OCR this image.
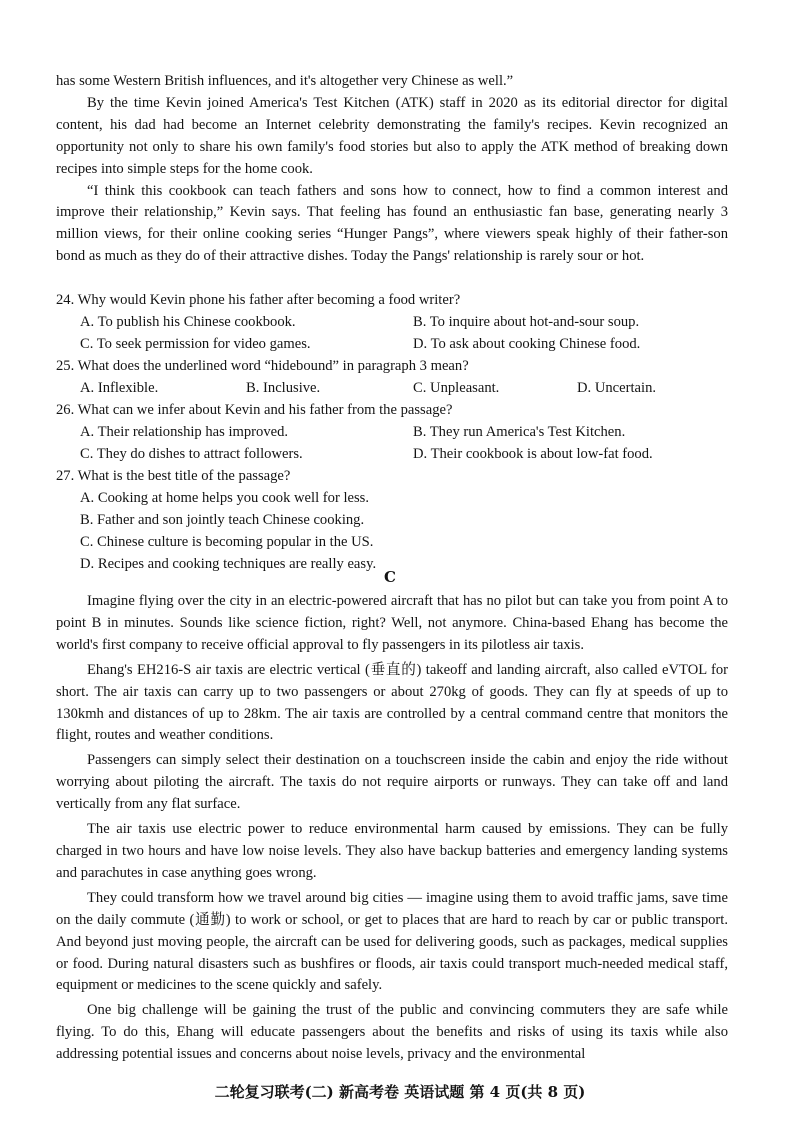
has some Western British influences, and it's altogether very Chinese as well.”

By the time Kevin joined America's Test Kitchen (ATK) staff in 2020 as its editorial director for digital content, his dad had become an Internet celebrity demonstrating the family's recipes. Kevin recognized an opportunity not only to share his own family's food stories but also to apply the ATK method of breaking down recipes into simple steps for the home cook.

“I think this cookbook can teach fathers and sons how to connect, how to find a common interest and improve their relationship,” Kevin says. That feeling has found an enthusiastic fan base, generating nearly 3 million views, for their online cooking series “Hunger Pangs”, where viewers speak highly of their father-son bond as much as they do of their attractive dishes. Today the Pangs' relationship is rarely sour or hot.

24. Why would Kevin phone his father after becoming a food writer?
A. To publish his Chinese cookbook.	B. To inquire about hot-and-sour soup.
C. To seek permission for video games.	D. To ask about cooking Chinese food.
25. What does the underlined word “hidebound” in paragraph 3 mean?
A. Inflexible.	B. Inclusive.	C. Unpleasant.	D. Uncertain.
26. What can we infer about Kevin and his father from the passage?
A. Their relationship has improved.	B. They run America's Test Kitchen.
C. They do dishes to attract followers.	D. Their cookbook is about low-fat food.
27. What is the best title of the passage?
A. Cooking at home helps you cook well for less.
B. Father and son jointly teach Chinese cooking.
C. Chinese culture is becoming popular in the US.
D. Recipes and cooking techniques are really easy.
C

Imagine flying over the city in an electric-powered aircraft that has no pilot but can take you from point A to point B in minutes. Sounds like science fiction, right? Well, not anymore. China-based Ehang has become the world's first company to receive official approval to fly passengers in its pilotless air taxis.

Ehang's EH216-S air taxis are electric vertical (垂直的) takeoff and landing aircraft, also called eVTOL for short. The air taxis can carry up to two passengers or about 270kg of goods. They can fly at speeds of up to 130kmh and distances of up to 28km. The air taxis are controlled by a central command centre that monitors the flight, routes and weather conditions.

Passengers can simply select their destination on a touchscreen inside the cabin and enjoy the ride without worrying about piloting the aircraft. The taxis do not require airports or runways. They can take off and land vertically from any flat surface.

The air taxis use electric power to reduce environmental harm caused by emissions. They can be fully charged in two hours and have low noise levels. They also have backup batteries and emergency landing systems and parachutes in case anything goes wrong.

They could transform how we travel around big cities — imagine using them to avoid traffic jams, save time on the daily commute (通勤) to work or school, or get to places that are hard to reach by car or public transport. And beyond just moving people, the aircraft can be used for delivering goods, such as packages, medical supplies or food. During natural disasters such as bushfires or floods, air taxis could transport much-needed medical staff, equipment or medicines to the scene quickly and safely.

One big challenge will be gaining the trust of the public and convincing commuters they are safe while flying. To do this, Ehang will educate passengers about the benefits and risks of using its taxis while also addressing potential issues and concerns about noise levels, privacy and the environmental

二轮复习联考(二) 新高考卷 英语试题 第 4 页(共 8 页)
